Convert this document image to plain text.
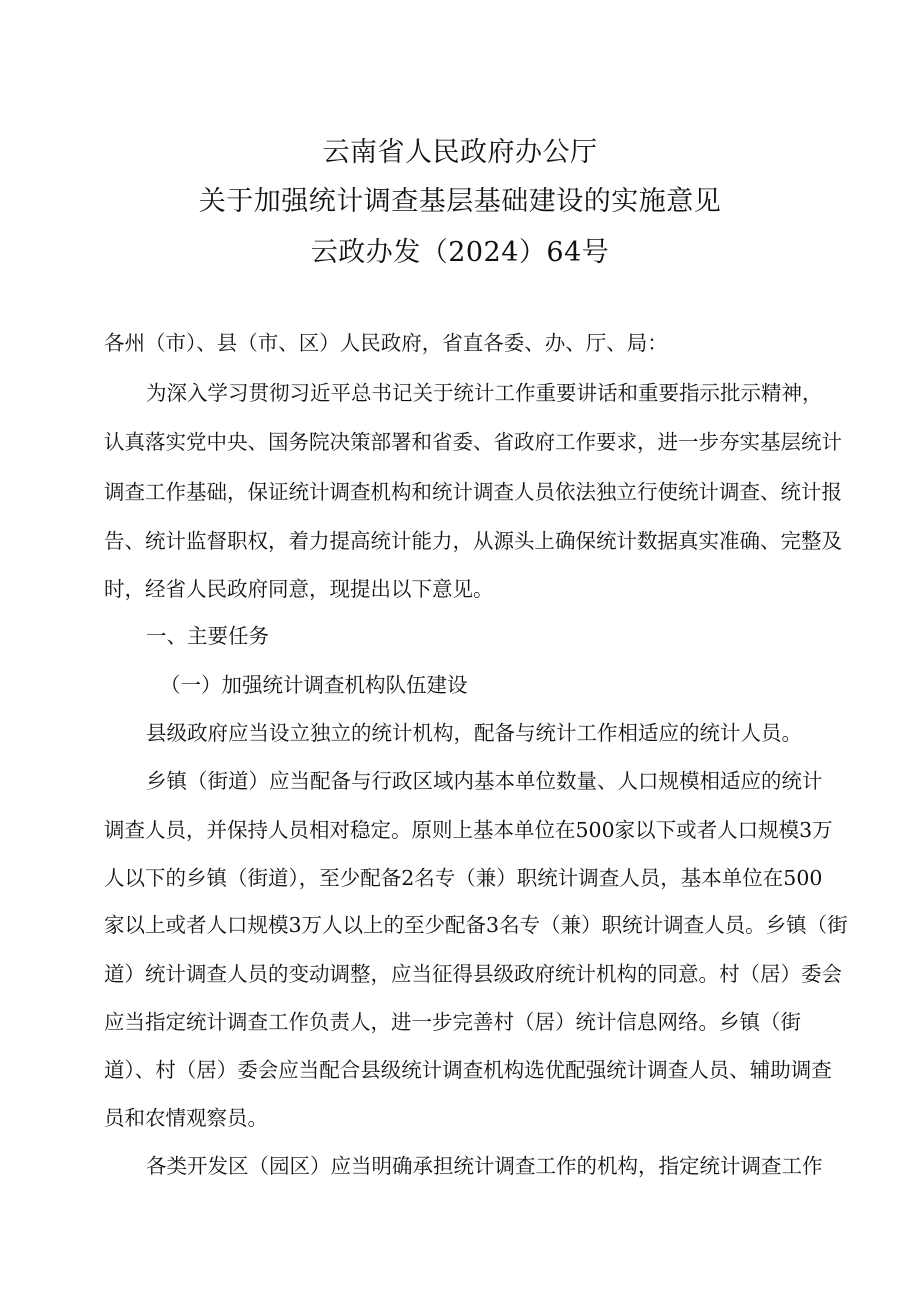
云南省人民政府办公厅
关于加强统计调查基层基础建设的实施意见
云政办发（2024）64号
各州（市）、县（市、区）人民政府，省直各委、办、厅、局：
为深入学习贯彻习近平总书记关于统计工作重要讲话和重要指示批示精神，
认真落实党中央、国务院决策部署和省委、省政府工作要求，进一步夯实基层统计
调查工作基础，保证统计调查机构和统计调查人员依法独立行使统计调查、统计报
告、统计监督职权，着力提高统计能力，从源头上确保统计数据真实准确、完整及
时，经省人民政府同意，现提出以下意见。
一、主要任务
（一）加强统计调查机构队伍建设
县级政府应当设立独立的统计机构，配备与统计工作相适应的统计人员。
乡镇（街道）应当配备与行政区域内基本单位数量、人口规模相适应的统计
调查人员，并保持人员相对稳定。原则上基本单位在500家以下或者人口规模3万
人以下的乡镇（街道），至少配备2名专（兼）职统计调查人员，基本单位在500
家以上或者人口规模3万人以上的至少配备3名专（兼）职统计调查人员。乡镇（街
道）统计调查人员的变动调整，应当征得县级政府统计机构的同意。村（居）委会
应当指定统计调查工作负责人，进一步完善村（居）统计信息网络。乡镇（街
道）、村（居）委会应当配合县级统计调查机构选优配强统计调查人员、辅助调查
员和农情观察员。
各类开发区（园区）应当明确承担统计调查工作的机构，指定统计调查工作
